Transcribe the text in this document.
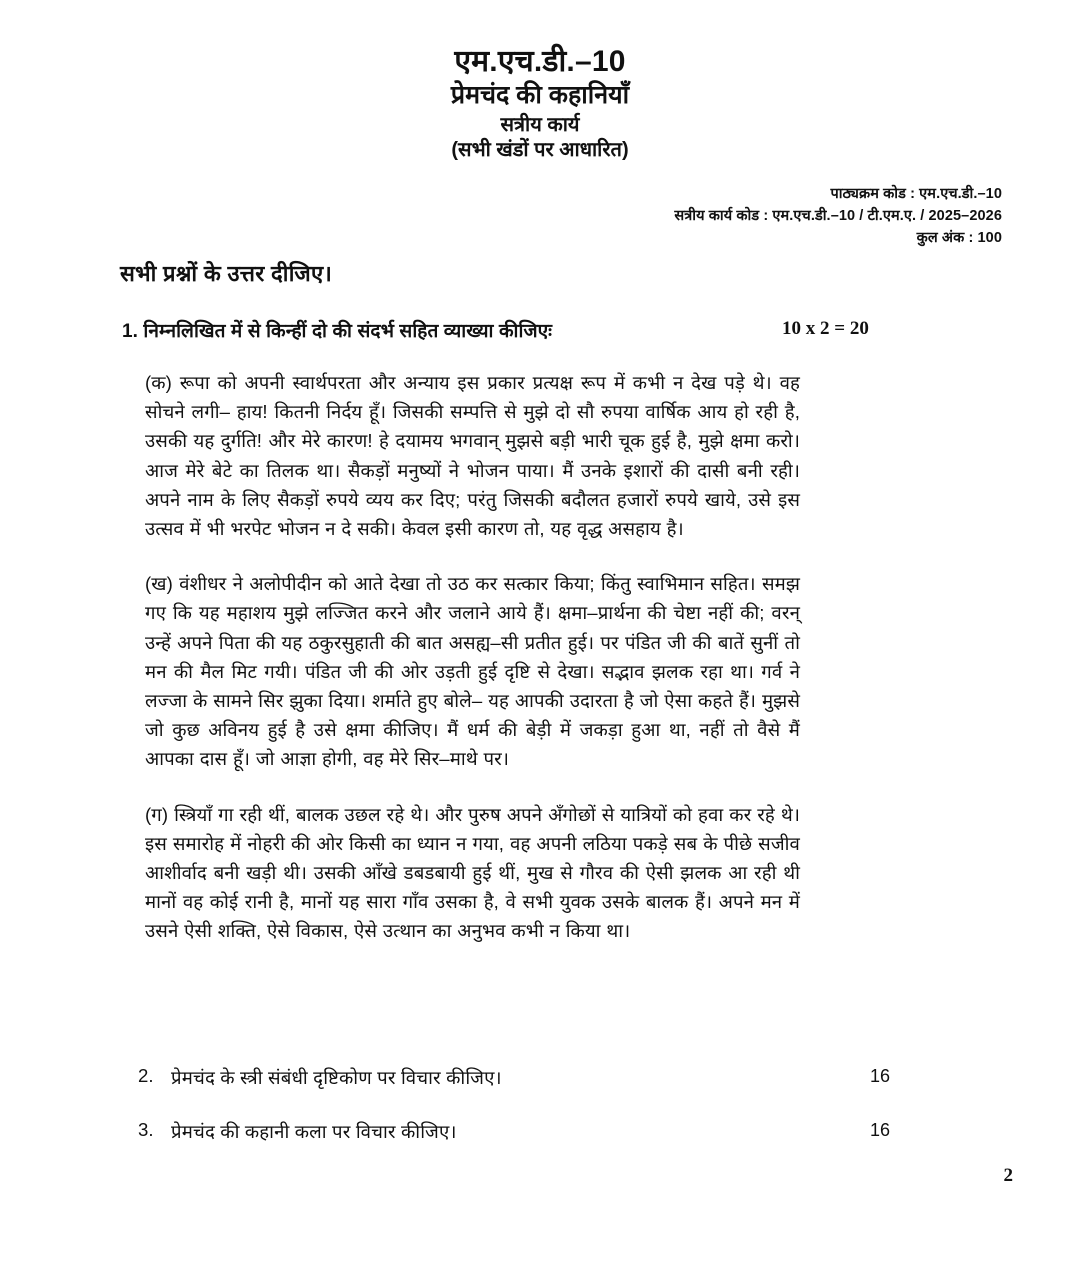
एम.एच.डी.–10
प्रेमचंद की कहानियाँ
सत्रीय कार्य
(सभी खंडों पर आधारित)
पाठ्यक्रम कोड : एम.एच.डी.–10
सत्रीय कार्य कोड : एम.एच.डी.–10 / टी.एम.ए. / 2025–2026
कुल अंक : 100
सभी प्रश्नों के उत्तर दीजिए।
1. निम्नलिखित में से किन्हीं दो की संदर्भ सहित व्याख्या कीजिएः	10 x 2 = 20

(क) रूपा को अपनी स्वार्थपरता और अन्याय इस प्रकार प्रत्यक्ष रूप में कभी न देख पड़े थे। वह सोचने लगी– हाय! कितनी निर्दय हूँ। जिसकी सम्पत्ति से मुझे दो सौ रुपया वार्षिक आय हो रही है, उसकी यह दुर्गति! और मेरे कारण! हे दयामय भगवान् मुझसे बड़ी भारी चूक हुई है, मुझे क्षमा करो। आज मेरे बेटे का तिलक था। सैकड़ों मनुष्यों ने भोजन पाया। मैं उनके इशारों की दासी बनी रही। अपने नाम के लिए सैकड़ों रुपये व्यय कर दिए; परंतु जिसकी बदौलत हजारों रुपये खाये, उसे इस उत्सव में भी भरपेट भोजन न दे सकी। केवल इसी कारण तो, यह वृद्ध असहाय है।

(ख) वंशीधर ने अलोपीदीन को आते देखा तो उठ कर सत्कार किया; किंतु स्वाभिमान सहित। समझ गए कि यह महाशय मुझे लज्जित करने और जलाने आये हैं। क्षमा–प्रार्थना की चेष्टा नहीं की; वरन् उन्हें अपने पिता की यह ठकुरसुहाती की बात असह्य–सी प्रतीत हुई। पर पंडित जी की बातें सुनीं तो मन की मैल मिट गयी। पंडित जी की ओर उड़ती हुई दृष्टि से देखा। सद्भाव झलक रहा था। गर्व ने लज्जा के सामने सिर झुका दिया। शर्माते हुए बोले– यह आपकी उदारता है जो ऐसा कहते हैं। मुझसे जो कुछ अविनय हुई है उसे क्षमा कीजिए। मैं धर्म की बेड़ी में जकड़ा हुआ था, नहीं तो वैसे मैं आपका दास हूँ। जो आज्ञा होगी, वह मेरे सिर–माथे पर।

(ग) स्त्रियाँ गा रही थीं, बालक उछल रहे थे। और पुरुष अपने अँगोछों से यात्रियों को हवा कर रहे थे। इस समारोह में नोहरी की ओर किसी का ध्यान न गया, वह अपनी लठिया पकड़े सब के पीछे सजीव आशीर्वाद बनी खड़ी थी। उसकी आँखे डबडबायी हुई थीं, मुख से गौरव की ऐसी झलक आ रही थी मानों वह कोई रानी है, मानों यह सारा गाँव उसका है, वे सभी युवक उसके बालक हैं। अपने मन में उसने ऐसी शक्ति, ऐसे विकास, ऐसे उत्थान का अनुभव कभी न किया था।

2. प्रेमचंद के स्त्री संबंधी दृष्टिकोण पर विचार कीजिए।	16
3. प्रेमचंद की कहानी कला पर विचार कीजिए।	16
2
